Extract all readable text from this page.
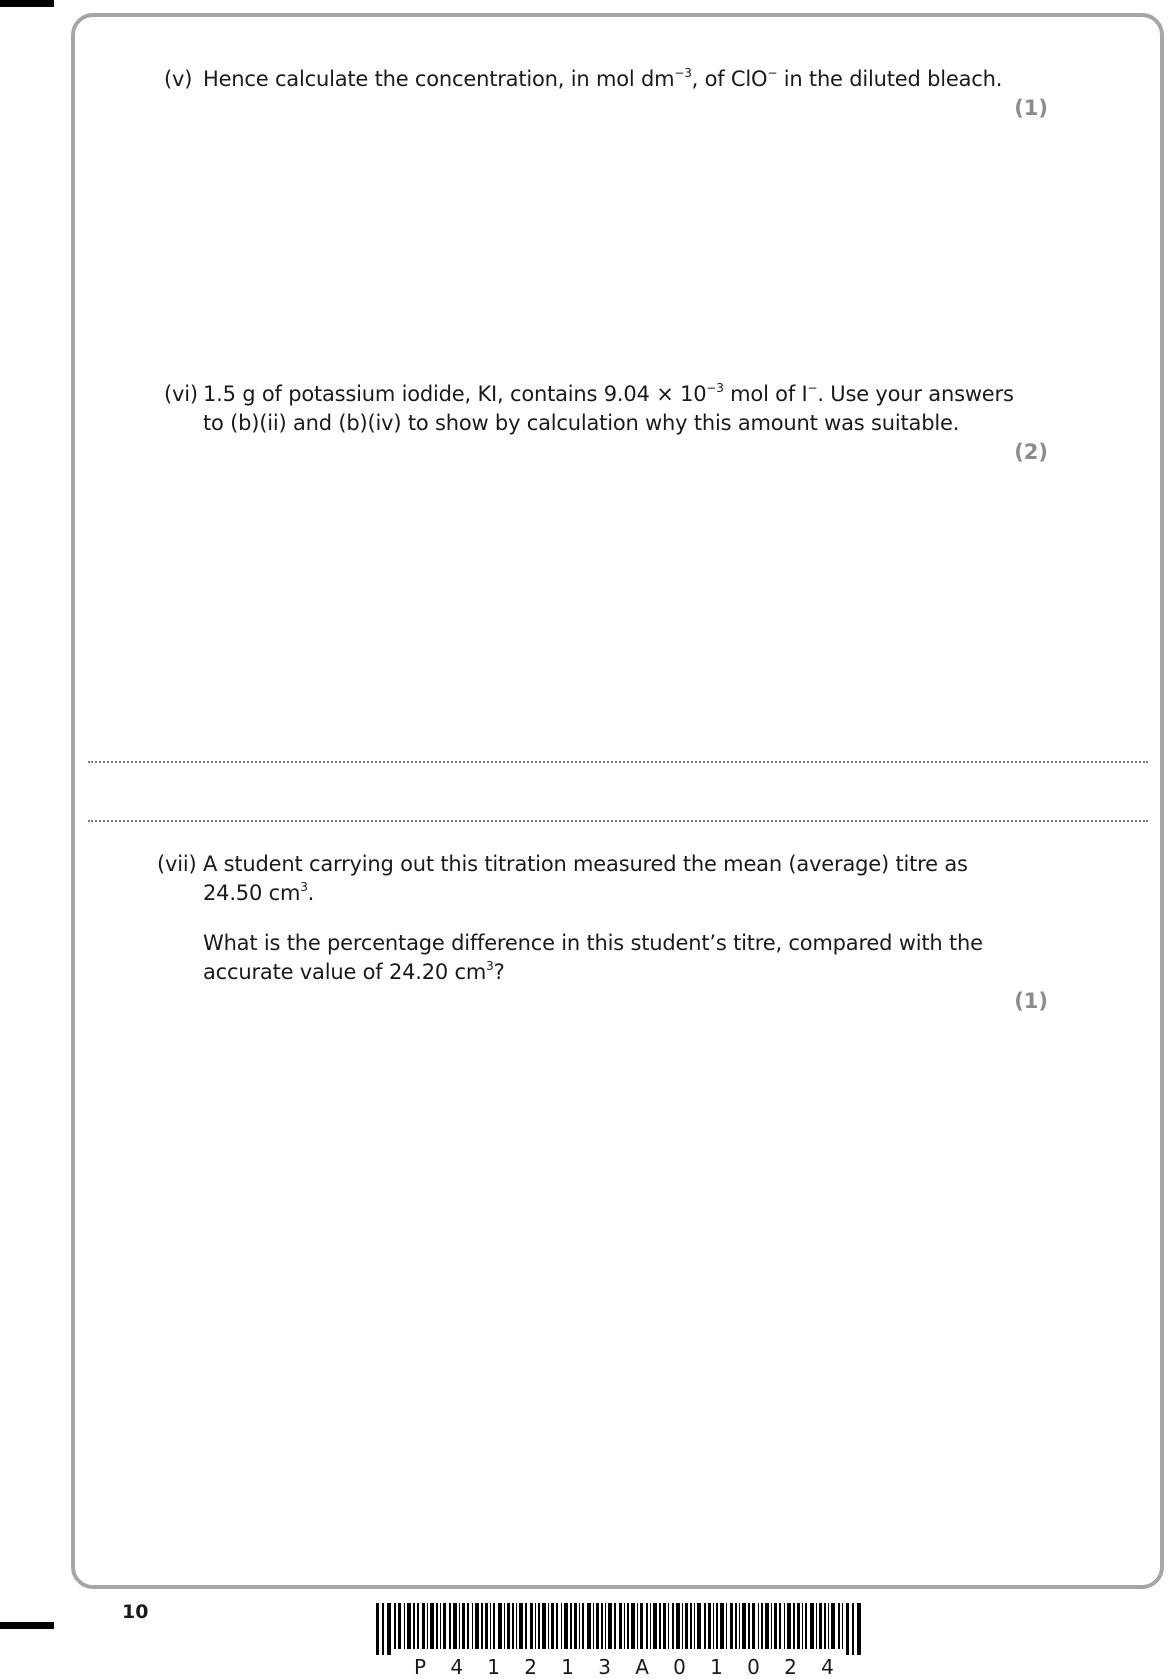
(v) Hence calculate the concentration, in mol $dm^{-3}$, of ClO− in the diluted bleach.
(1)
(vi) 1.5 g of potassium iodide, KI, contains $9.04 \times 10^{-3}$ mol of I−. Use your answers
to (b)(ii) and (b)(iv) to show by calculation why this amount was suitable.
(2)
(vii) A student carrying out this titration measured the mean (average) titre as
24.50 $cm^3$.
What is the percentage difference in this student’s titre, compared with the
accurate value of 24.20 $cm^3$?
(1)
10
P 4 1 2 1 3 A 0 1 0 2 4
